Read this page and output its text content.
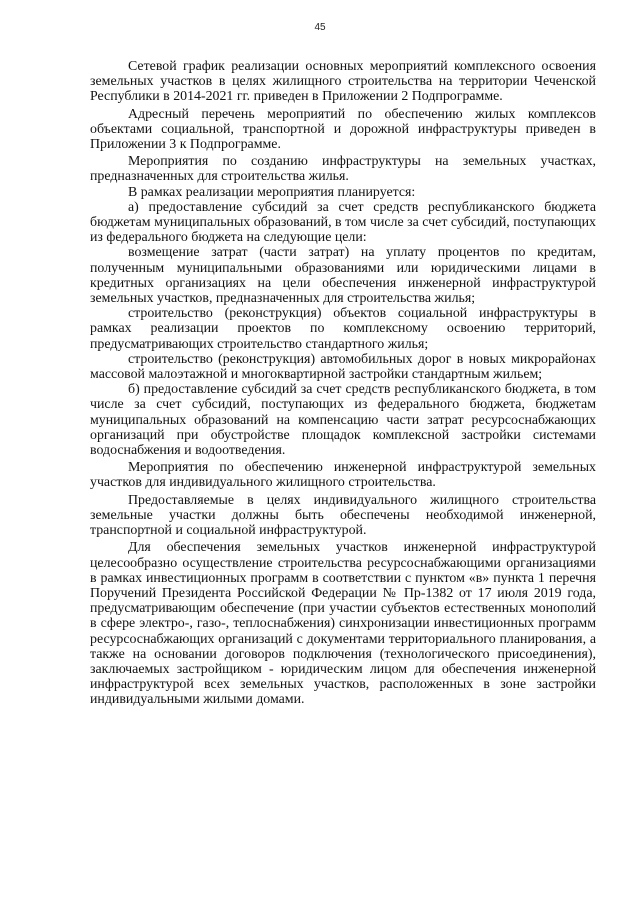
45

Сетевой график реализации основных мероприятий комплексного освоения земельных участков в целях жилищного строительства на территории Чеченской Республики в 2014-2021 гг. приведен в Приложении 2 Подпрограмме.

Адресный перечень мероприятий по обеспечению жилых комплексов объектами социальной, транспортной и дорожной инфраструктуры приведен в Приложении 3 к Подпрограмме.

Мероприятия по созданию инфраструктуры на земельных участках, предназначенных для строительства жилья.

В рамках реализации мероприятия планируется:

а) предоставление субсидий за счет средств республиканского бюджета бюджетам муниципальных образований, в том числе за счет субсидий, поступающих из федерального бюджета на следующие цели:

возмещение затрат (части затрат) на уплату процентов по кредитам, полученным муниципальными образованиями или юридическими лицами в кредитных организациях на цели обеспечения инженерной инфраструктурой земельных участков, предназначенных для строительства жилья;

строительство (реконструкция) объектов социальной инфраструктуры в рамках реализации проектов по комплексному освоению территорий, предусматривающих строительство стандартного жилья;

строительство (реконструкция) автомобильных дорог в новых микрорайонах массовой малоэтажной и многоквартирной застройки стандартным жильем;

б) предоставление субсидий за счет средств республиканского бюджета, в том числе за счет субсидий, поступающих из федерального бюджета, бюджетам муниципальных образований на компенсацию части затрат ресурсоснабжающих организаций при обустройстве площадок комплексной застройки системами водоснабжения и водоотведения.

Мероприятия по обеспечению инженерной инфраструктурой земельных участков для индивидуального жилищного строительства.

Предоставляемые в целях индивидуального жилищного строительства земельные участки должны быть обеспечены необходимой инженерной, транспортной и социальной инфраструктурой.

Для обеспечения земельных участков инженерной инфраструктурой целесообразно осуществление строительства ресурсоснабжающими организациями в рамках инвестиционных программ в соответствии с пунктом «в» пункта 1 перечня Поручений Президента Российской Федерации № Пр-1382 от 17 июля 2019 года, предусматривающим обеспечение (при участии субъектов естественных монополий в сфере электро-, газо-, теплоснабжения) синхронизации инвестиционных программ ресурсоснабжающих организаций с документами территориального планирования, а также на основании договоров подключения (технологического присоединения), заключаемых застройщиком - юридическим лицом для обеспечения инженерной инфраструктурой всех земельных участков, расположенных в зоне застройки индивидуальными жилыми домами.
